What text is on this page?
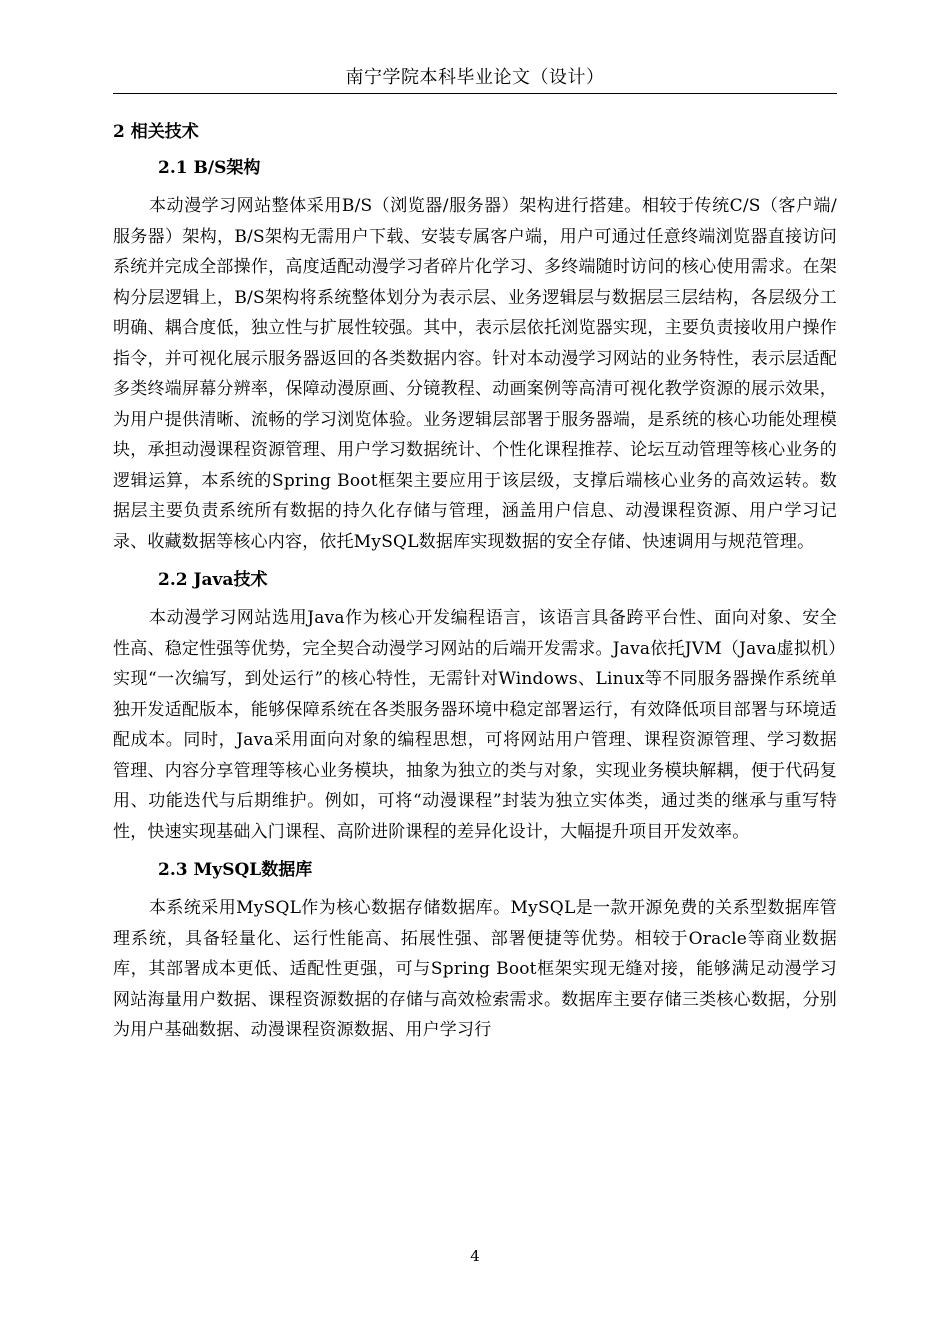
南宁学院本科毕业论文（设计）
2 相关技术
2.1 B/S架构

本动漫学习网站整体采用B/S（浏览器/服务器）架构进行搭建。相较于传统C/S（客户端/服务器）架构，B/S架构无需用户下载、安装专属客户端，用户可通过任意终端浏览器直接访问系统并完成全部操作，高度适配动漫学习者碎片化学习、多终端随时访问的核心使用需求。在架构分层逻辑上，B/S架构将系统整体划分为表示层、业务逻辑层与数据层三层结构，各层级分工明确、耦合度低，独立性与扩展性较强。其中，表示层依托浏览器实现，主要负责接收用户操作指令，并可视化展示服务器返回的各类数据内容。针对本动漫学习网站的业务特性，表示层适配多类终端屏幕分辨率，保障动漫原画、分镜教程、动画案例等高清可视化教学资源的展示效果，为用户提供清晰、流畅的学习浏览体验。业务逻辑层部署于服务器端，是系统的核心功能处理模块，承担动漫课程资源管理、用户学习数据统计、个性化课程推荐、论坛互动管理等核心业务的逻辑运算，本系统的Spring Boot框架主要应用于该层级，支撑后端核心业务的高效运转。数据层主要负责系统所有数据的持久化存储与管理，涵盖用户信息、动漫课程资源、用户学习记录、收藏数据等核心内容，依托MySQL数据库实现数据的安全存储、快速调用与规范管理。

2.2 Java技术

本动漫学习网站选用Java作为核心开发编程语言，该语言具备跨平台性、面向对象、安全性高、稳定性强等优势，完全契合动漫学习网站的后端开发需求。Java依托JVM（Java虚拟机）实现“一次编写，到处运行”的核心特性，无需针对Windows、Linux等不同服务器操作系统单独开发适配版本，能够保障系统在各类服务器环境中稳定部署运行，有效降低项目部署与环境适配成本。同时，Java采用面向对象的编程思想，可将网站用户管理、课程资源管理、学习数据管理、内容分享管理等核心业务模块，抽象为独立的类与对象，实现业务模块解耦，便于代码复用、功能迭代与后期维护。例如，可将“动漫课程”封装为独立实体类，通过类的继承与重写特性，快速实现基础入门课程、高阶进阶课程的差异化设计，大幅提升项目开发效率。

2.3 MySQL数据库

本系统采用MySQL作为核心数据存储数据库。MySQL是一款开源免费的关系型数据库管理系统，具备轻量化、运行性能高、拓展性强、部署便捷等优势。相较于Oracle等商业数据库，其部署成本更低、适配性更强，可与Spring Boot框架实现无缝对接，能够满足动漫学习网站海量用户数据、课程资源数据的存储与高效检索需求。数据库主要存储三类核心数据，分别为用户基础数据、动漫课程资源数据、用户学习行

4
